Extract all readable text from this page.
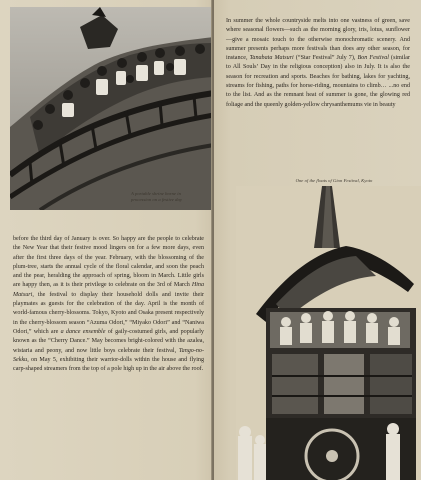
A portable shrine borne in procession on a festive day

before the third day of January is over. So happy are the people to celebrate the New Year that their festive mood lingers on for a few more days, even after the first three days of the year. February, with the blossoming of the plum-tree, starts the annual cycle of the floral calendar, and soon the peach and the pear, heralding the approach of spring, bloom in March. Little girls are happy then, as it is their privilege to celebrate on the 3rd of March Hina Matsuri, the festival to display their household dolls and invite their playmates as guests for the celebration of the day. April is the month of world-famous cherry-blossoms. Tokyo, Kyoto and Osaka present respectively in the cherry-blossom season “Azuma Odori,” “Miyako Odori” and “Naniwa Odori,” which are a dance ensemble of gaily-costumed girls, and popularly known as the “Cherry Dance.” May becomes bright-colored with the azalea, wistaria and peony, and now little boys celebrate their festival, Tango-no-Sekku, on May 5, exhibiting their warrior-dolls within the house and flying carp-shaped streamers from the top of a pole high up in the air above the roof.

In summer the whole countryside melts into one vastness of green, save where seasonal flowers—such as the morning glory, iris, lotus, sunflower—give a mosaic touch to the otherwise monochromatic scenery. And summer presents perhaps more festivals than does any other season, for instance, Tanabata Matsuri (“Star Festival” July 7), Bon Festival (similar to All Souls’ Day in the religious conception) also in July. It is also the season for recreation and sports. Beaches for bathing, lakes for yachting, streams for fishing, paths for horse-riding, mountains to climb… ...no end to the list. And as the remnant heat of summer is gone, the glowing red foliage and the queenly golden-yellow chrysanthemums vie in beauty

One of the floats of Gion Festival, Kyoto
